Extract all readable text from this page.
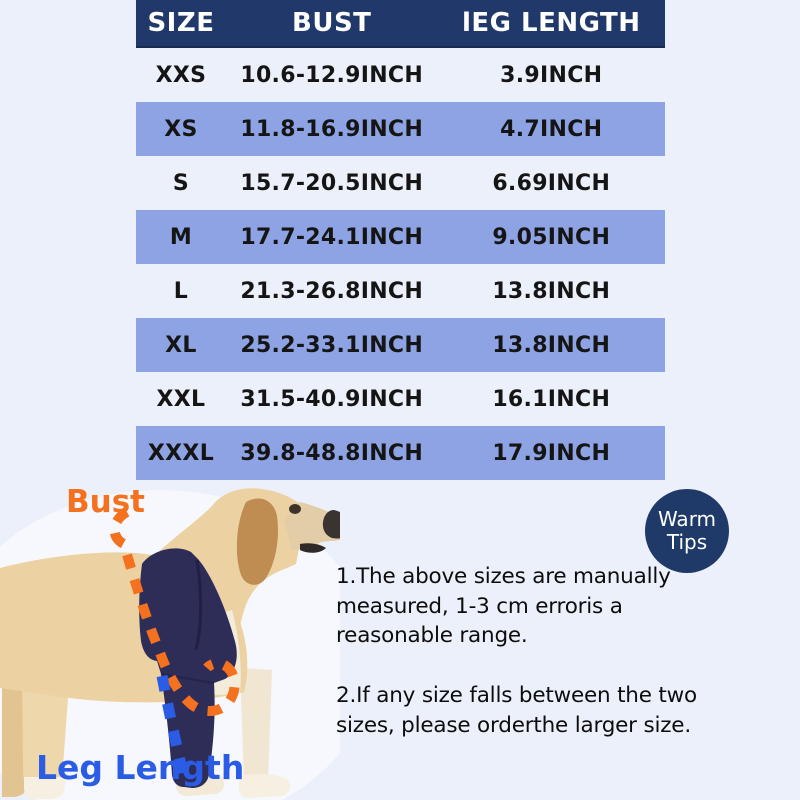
SIZE	BUST	lEG LENGTH
XXS	10.6-12.9INCH	3.9INCH
XS	11.8-16.9INCH	4.7INCH
S	15.7-20.5INCH	6.69INCH
M	17.7-24.1INCH	9.05INCH
L	21.3-26.8INCH	13.8INCH
XL	25.2-33.1INCH	13.8INCH
XXL	31.5-40.9INCH	16.1INCH
XXXL	39.8-48.8INCH	17.9INCH
Bust
Leg Length
Warm
Tips
1.The above sizes are manually
measured, 1-3 cm erroris a
reasonable range.
2.If any size falls between the two
sizes, please orderthe larger size.
